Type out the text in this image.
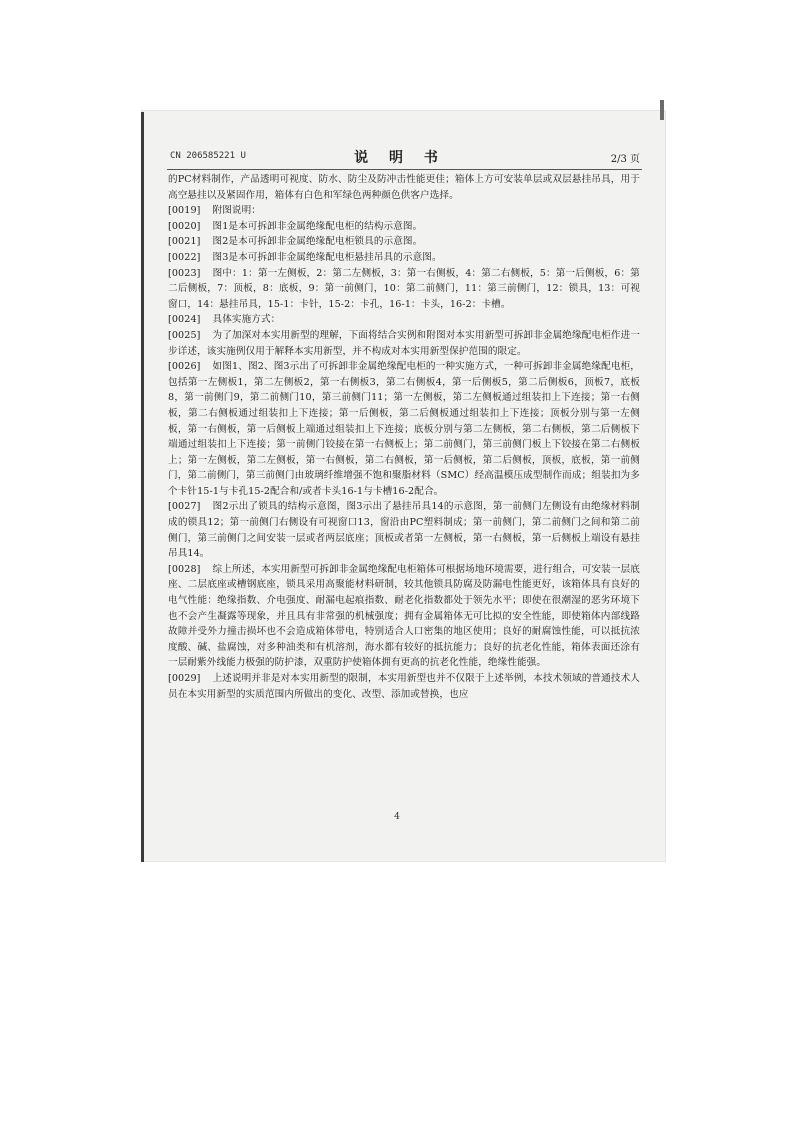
CN 206585221 U	说 明 书	2/3 页

的PC材料制作，产品透明可视度、防水、防尘及防冲击性能更佳；箱体上方可安装单层或双层悬挂吊具，用于高空悬挂以及紧固作用，箱体有白色和军绿色两种颜色供客户选择。

[0019] 附图说明：

[0020] 图1是本可拆卸非金属绝缘配电柜的结构示意图。

[0021] 图2是本可拆卸非金属绝缘配电柜锁具的示意图。

[0022] 图3是本可拆卸非金属绝缘配电柜悬挂吊具的示意图。

[0023] 图中：1：第一左侧板，2：第二左侧板，3：第一右侧板，4：第二右侧板，5：第一后侧板，6：第二后侧板，7：顶板，8：底板，9：第一前侧门，10：第二前侧门，11：第三前侧门，12：锁具，13：可视窗口，14：悬挂吊具，15-1：卡针，15-2：卡孔，16-1：卡头，16-2：卡槽。

[0024] 具体实施方式：

[0025] 为了加深对本实用新型的理解，下面将结合实例和附图对本实用新型可拆卸非金属绝缘配电柜作进一步详述，该实施例仅用于解释本实用新型，并不构成对本实用新型保护范围的限定。

[0026] 如图1、图2、图3示出了可拆卸非金属绝缘配电柜的一种实施方式，一种可拆卸非金属绝缘配电柜，包括第一左侧板1，第二左侧板2，第一右侧板3，第二右侧板4，第一后侧板5，第二后侧板6，顶板7，底板8，第一前侧门9，第二前侧门10，第三前侧门11；第一左侧板，第二左侧板通过组装扣上下连接；第一右侧板，第二右侧板通过组装扣上下连接；第一后侧板，第二后侧板通过组装扣上下连接；顶板分别与第一左侧板，第一右侧板，第一后侧板上端通过组装扣上下连接；底板分别与第二左侧板，第二右侧板，第二后侧板下端通过组装扣上下连接；第一前侧门铰接在第一右侧板上；第二前侧门，第三前侧门板上下铰接在第二右侧板上；第一左侧板，第二左侧板，第一右侧板，第二右侧板，第一后侧板，第二后侧板，顶板，底板，第一前侧门，第二前侧门，第三前侧门由玻璃纤维增强不饱和聚脂材料（SMC）经高温模压成型制作而成；组装扣为多个卡针15-1与卡孔15-2配合和/或者卡头16-1与卡槽16-2配合。

[0027] 图2示出了锁具的结构示意图，图3示出了悬挂吊具14的示意图，第一前侧门左侧设有由绝缘材料制成的锁具12；第一前侧门右侧设有可视窗口13，窗沿由PC塑料制成；第一前侧门，第二前侧门之间和第二前侧门，第三前侧门之间安装一层或者两层底座；顶板或者第一左侧板，第一右侧板，第一后侧板上端设有悬挂吊具14。

[0028] 综上所述，本实用新型可拆卸非金属绝缘配电柜箱体可根据场地环境需要，进行组合，可安装一层底座、二层底座或槽钢底座，锁具采用高聚能材料研制，较其他锁具防腐及防漏电性能更好，该箱体具有良好的电气性能：绝缘指数、介电强度、耐漏电起痕指数、耐老化指数都处于领先水平；即使在很潮湿的恶劣环境下也不会产生凝露等现象，并且具有非常强的机械强度；拥有金属箱体无可比拟的安全性能，即使箱体内部线路故障并受外力撞击损坏也不会造成箱体带电，特别适合人口密集的地区使用；良好的耐腐蚀性能，可以抵抗浓度酸、碱、盐腐蚀，对多种油类和有机溶剂，海水都有较好的抵抗能力；良好的抗老化性能，箱体表面还涂有一层耐紫外线能力极强的防护漆，双重防护使箱体拥有更高的抗老化性能，绝缘性能强。

[0029] 上述说明并非是对本实用新型的限制，本实用新型也并不仅限于上述举例，本技术领域的普通技术人员在本实用新型的实质范围内所做出的变化、改型、添加或替换，也应

4
